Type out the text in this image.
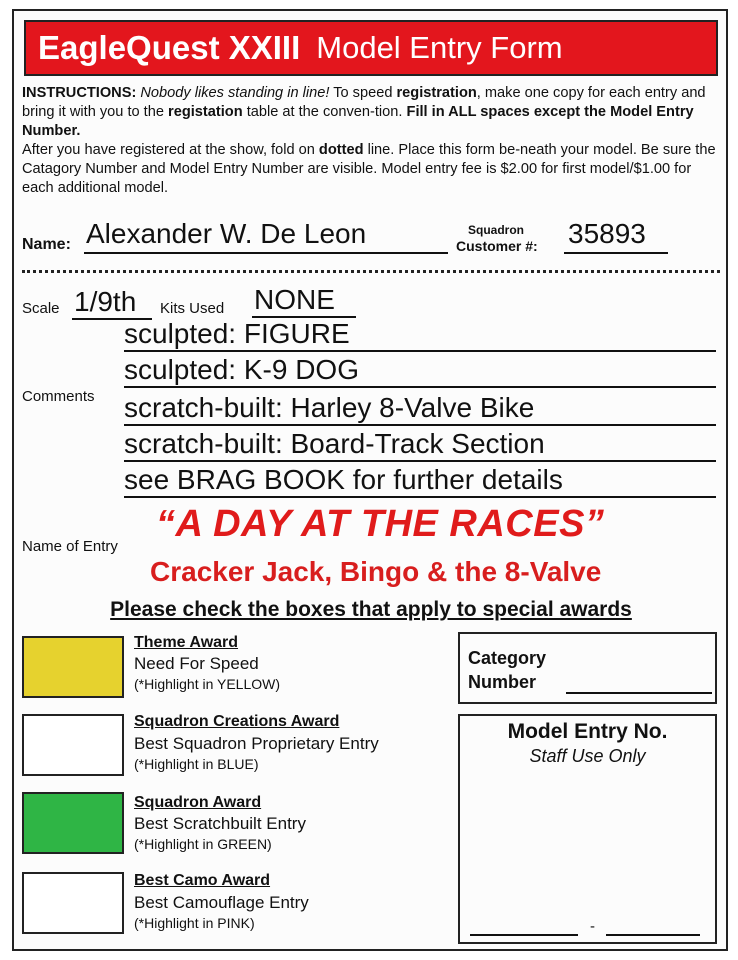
EagleQuest XXIII Model Entry Form
INSTRUCTIONS: Nobody likes standing in line! To speed registration, make one copy for each entry and bring it with you to the registation table at the conven-tion. Fill in ALL spaces except the Model Entry Number.
After you have registered at the show, fold on dotted line. Place this form be-neath your model. Be sure the Catagory Number and Model Entry Number are visible. Model entry fee is $2.00 for first model/$1.00 for each additional model.
Name: Alexander W. De Leon	Squadron
Customer #: 35893
Scale 1/9th Kits Used NONE
Comments
sculpted: FIGURE
sculpted: K-9 DOG
scratch-built: Harley 8-Valve Bike
scratch-built: Board-Track Section
see BRAG BOOK for further details
Name of Entry
“A DAY AT THE RACES”
Cracker Jack, Bingo & the 8-Valve
Please check the boxes that apply to special awards
Theme Award
Need For Speed
(*Highlight in YELLOW)
Squadron Creations Award
Best Squadron Proprietary Entry
(*Highlight in BLUE)
Squadron Award
Best Scratchbuilt Entry
(*Highlight in GREEN)
Best Camo Award
Best Camouflage Entry
(*Highlight in PINK)
Category
Number
Model Entry No.
Staff Use Only
-
